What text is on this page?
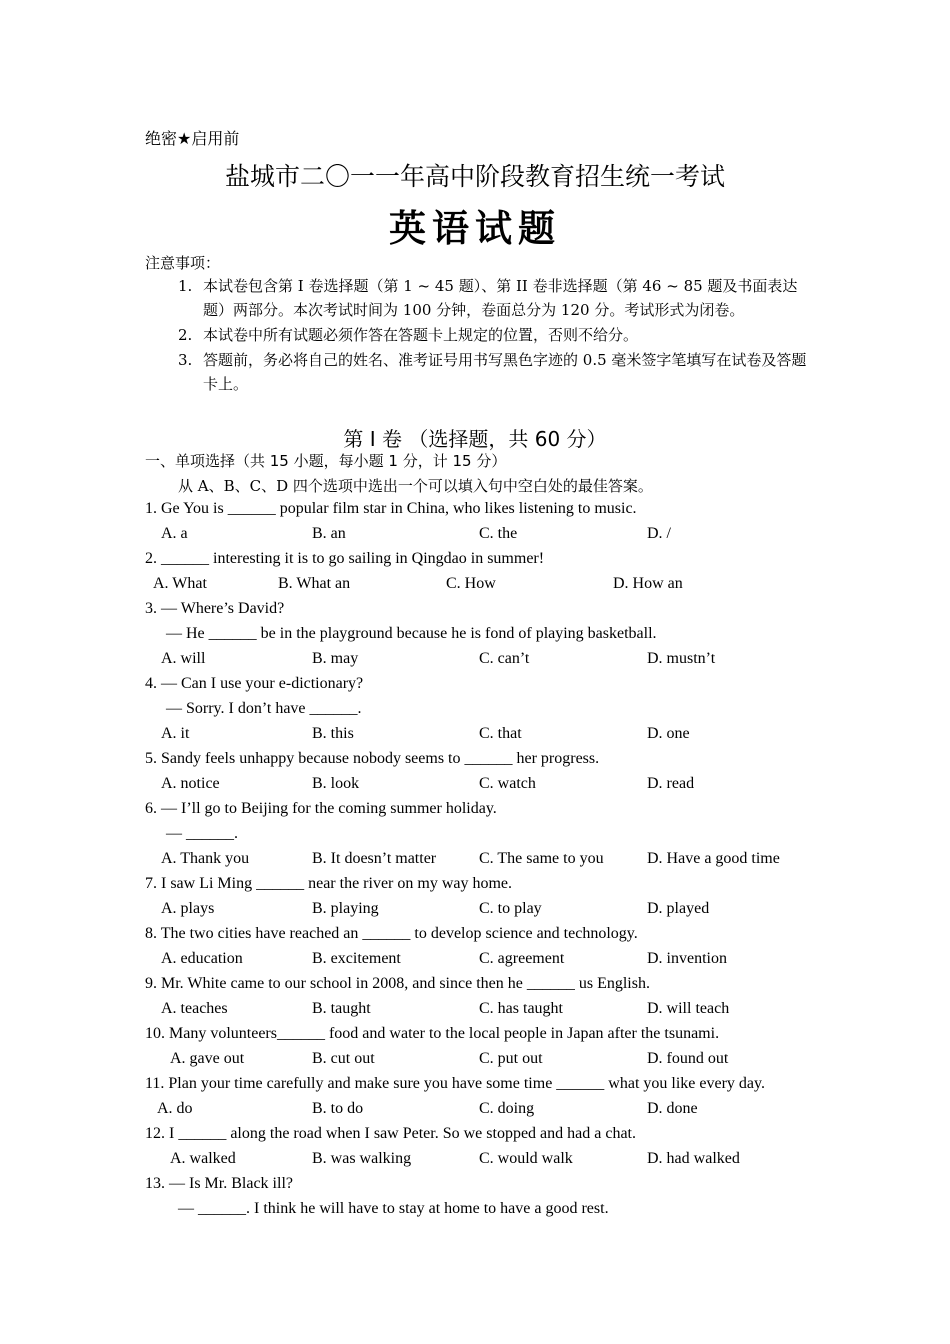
绝密★启用前
盐城市二〇一一年高中阶段教育招生统一考试
英语试题
注意事项：
1. 本试卷包含第 I 卷选择题（第 1 ~ 45 题）、第 II 卷非选择题（第 46 ~ 85 题及书面表达题）两部分。本次考试时间为 100 分钟，卷面总分为 120 分。考试形式为闭卷。
2. 本试卷中所有试题必须作答在答题卡上规定的位置，否则不给分。
3. 答题前，务必将自己的姓名、准考证号用书写黑色字迹的 0.5 毫米签字笔填写在试卷及答题卡上。
第 Ⅰ 卷 （选择题，共 60 分）
一、单项选择（共 15 小题，每小题 1 分，计 15 分）
从 A、B、C、D 四个选项中选出一个可以填入句中空白处的最佳答案。
1. Ge You is ______ popular film star in China, who likes listening to music.
A. a	B. an	C. the	D. /
2. ______ interesting it is to go sailing in Qingdao in summer!
A. What	B. What an	C. How	D. How an
3. — Where’s David?
— He ______ be in the playground because he is fond of playing basketball.
A. will	B. may	C. can’t	D. mustn’t
4. — Can I use your e-dictionary?
— Sorry. I don’t have ______.
A. it	B. this	C. that	D. one
5. Sandy feels unhappy because nobody seems to ______ her progress.
A. notice	B. look	C. watch	D. read
6. — I’ll go to Beijing for the coming summer holiday.
— ______.
A. Thank you	B. It doesn’t matter	C. The same to you	D. Have a good time
7. I saw Li Ming ______ near the river on my way home.
A. plays	B. playing	C. to play	D. played
8. The two cities have reached an ______ to develop science and technology.
A. education	B. excitement	C. agreement	D. invention
9. Mr. White came to our school in 2008, and since then he ______ us English.
A. teaches	B. taught	C. has taught	D. will teach
10. Many volunteers______ food and water to the local people in Japan after the tsunami.
A. gave out	B. cut out	C. put out	D. found out
11. Plan your time carefully and make sure you have some time ______ what you like every day.
A. do	B. to do	C. doing	D. done
12. I ______ along the road when I saw Peter. So we stopped and had a chat.
A. walked	B. was walking	C. would walk	D. had walked
13. — Is Mr. Black ill?
— ______. I think he will have to stay at home to have a good rest.
